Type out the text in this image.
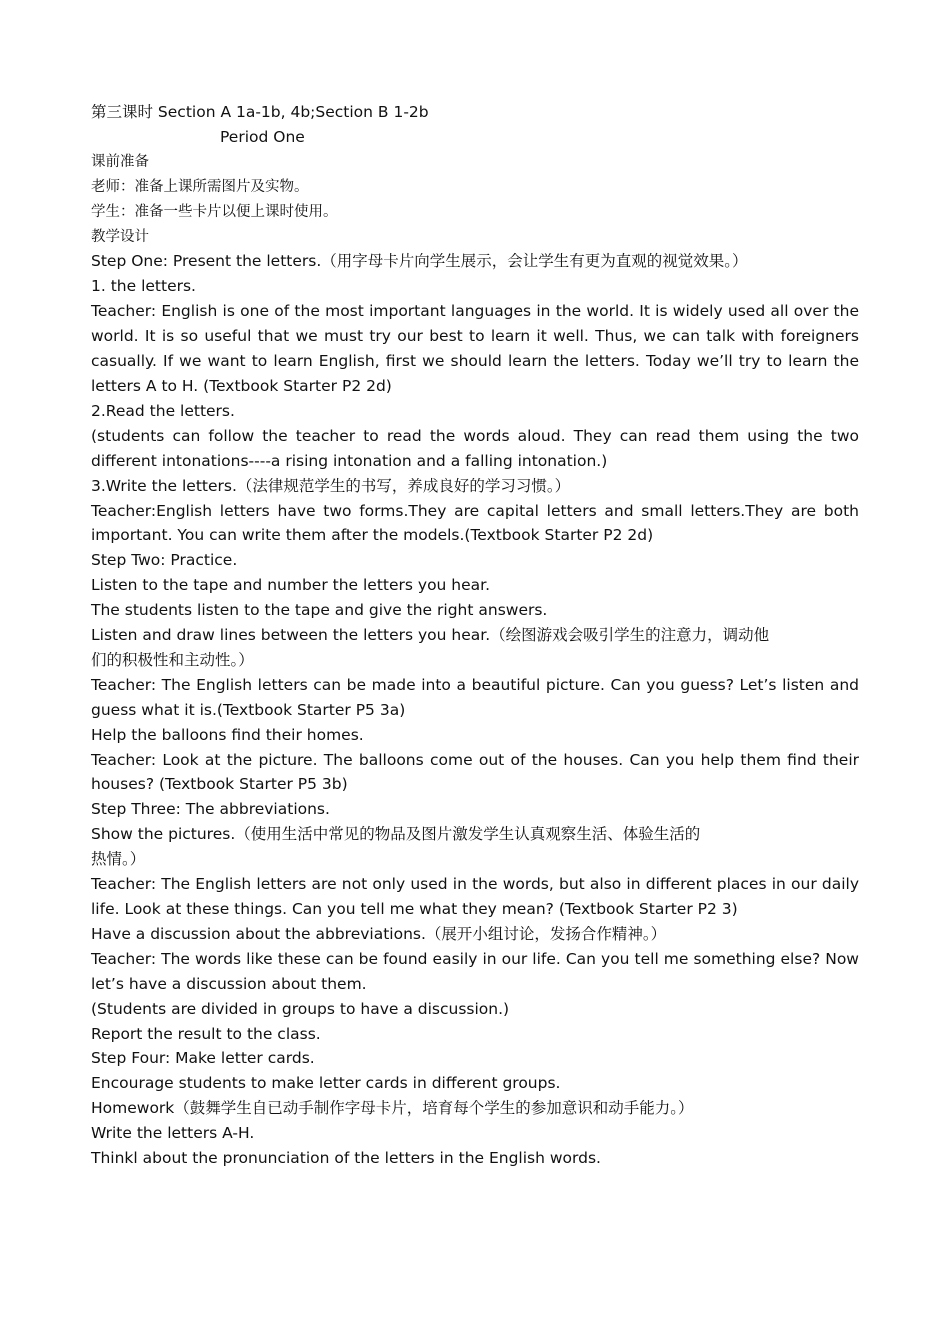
第三课时 Section A 1a-1b, 4b;Section B 1-2b

Period One

课前准备

老师：准备上课所需图片及实物。

学生：准备一些卡片以便上课时使用。

教学设计

Step One: Present the letters.（用字母卡片向学生展示，会让学生有更为直观的视觉效果。）

1. the letters.

Teacher: English is one of the most important languages in the world. It is widely used all over the world. It is so useful that we must try our best to learn it well. Thus, we can talk with foreigners casually. If we want to learn English, first we should learn the letters. Today we’ll try to learn the letters A to H. (Textbook Starter P2 2d)

2.Read the letters.

(students can follow the teacher to read the words aloud. They can read them using the two different intonations----a rising intonation and a falling intonation.)

3.Write the letters.（法律规范学生的书写，养成良好的学习习惯。）

Teacher:English letters have two forms.They are capital letters and small letters.They are both important. You can write them after the models.(Textbook Starter P2 2d)

Step Two: Practice.

Listen to the tape and number the letters you hear.

The students listen to the tape and give the right answers.

Listen and draw lines between the letters you hear.（绘图游戏会吸引学生的注意力，调动他

们的积极性和主动性。）

Teacher: The English letters can be made into a beautiful picture. Can you guess? Let’s listen and guess what it is.(Textbook Starter P5 3a)

Help the balloons find their homes.

Teacher: Look at the picture. The balloons come out of the houses. Can you help them find their houses? (Textbook Starter P5 3b)

Step Three: The abbreviations.

Show the pictures.（使用生活中常见的物品及图片激发学生认真观察生活、体验生活的

热情。）

Teacher: The English letters are not only used in the words, but also in different places in our daily life. Look at these things. Can you tell me what they mean? (Textbook Starter P2 3)

Have a discussion about the abbreviations.（展开小组讨论，发扬合作精神。）

Teacher: The words like these can be found easily in our life. Can you tell me something else? Now let’s have a discussion about them.

(Students are divided in groups to have a discussion.)

Report the result to the class.

Step Four: Make letter cards.

Encourage students to make letter cards in different groups.

Homework（鼓舞学生自已动手制作字母卡片，培育每个学生的参加意识和动手能力。）

Write the letters A-H.

Thinkl about the pronunciation of the letters in the English words.
